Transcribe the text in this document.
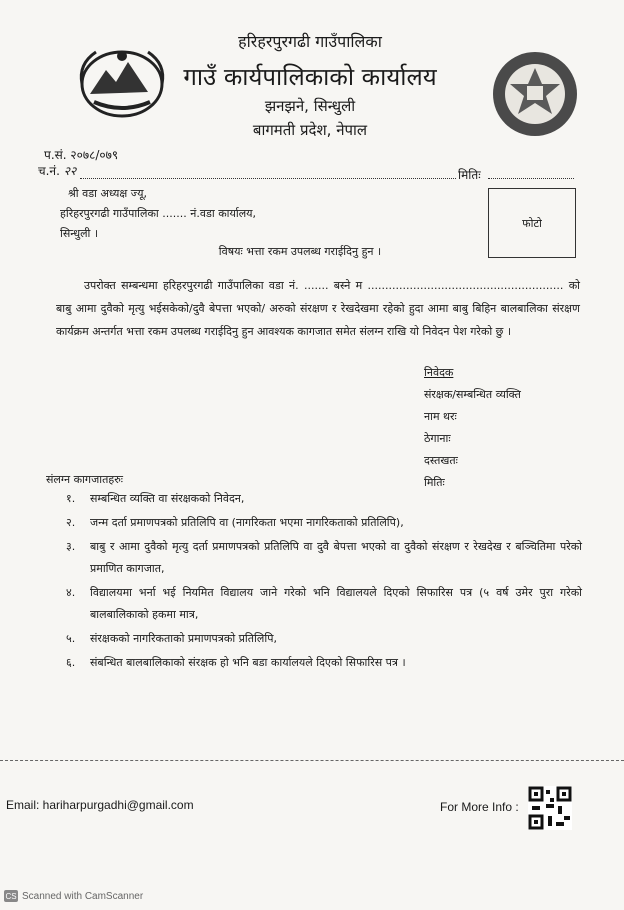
हरिहरपुरगढी गाउँपालिका
गाउँ कार्यपालिकाको कार्यालय
झनझने, सिन्धुली
बागमती प्रदेश, नेपाल
प.सं. २०७८/०७९
च.नं. २२	मितिः
श्री वडा अध्यक्ष ज्यू,
हरिहरपुरगढी गाउँपालिका ....... नं.वडा कार्यालय,
सिन्धुली ।
फोटो
विषयः भत्ता रकम उपलब्ध गराईदिनु हुन ।

उपरोक्त सम्बन्धमा हरिहरपुरगढी गाउँपालिका वडा नं. ....... बस्ने म ........................................................ को बाबु आमा दुवैको मृत्यु भईसकेको/दुवै बेपत्ता भएको/ अरुको संरक्षण र रेखदेखमा रहेको हुदा आमा बाबु बिहिन बालबालिका संरक्षण कार्यक्रम अन्तर्गत भत्ता रकम उपलब्ध गराईदिनु हुन आवश्यक कागजात समेत संलग्न राखि यो निवेदन पेश गरेको छु ।

निवेदक
संरक्षक/सम्बन्धित व्यक्ति
नाम थरः
ठेगानाः
दस्तखतः
मितिः
संलग्न कागजातहरुः
१.	सम्बन्धित व्यक्ति वा संरक्षकको निवेदन,
२.	जन्म दर्ता प्रमाणपत्रको प्रतिलिपि वा (नागरिकता भएमा नागरिकताको प्रतिलिपि),
३.	बाबु र आमा दुवैको मृत्यु दर्ता प्रमाणपत्रको प्रतिलिपि वा दुवै बेपत्ता भएको वा दुवैको संरक्षण र रेखदेख र बञ्चितिमा परेको प्रमाणित कागजात,
४.	विद्यालयमा भर्ना भई नियमित विद्यालय जाने गरेको भनि विद्यालयले दिएको सिफारिस पत्र (५ वर्ष उमेर पुरा गरेको बालबालिकाको हकमा मात्र,
५.	संरक्षकको नागरिकताको प्रमाणपत्रको प्रतिलिपि,
६.	संबन्धित बालबालिकाको संरक्षक हो भनि बडा कार्यालयले दिएको सिफारिस पत्र ।
Email: hariharpurgadhi@gmail.com	For More Info :
CS Scanned with CamScanner
